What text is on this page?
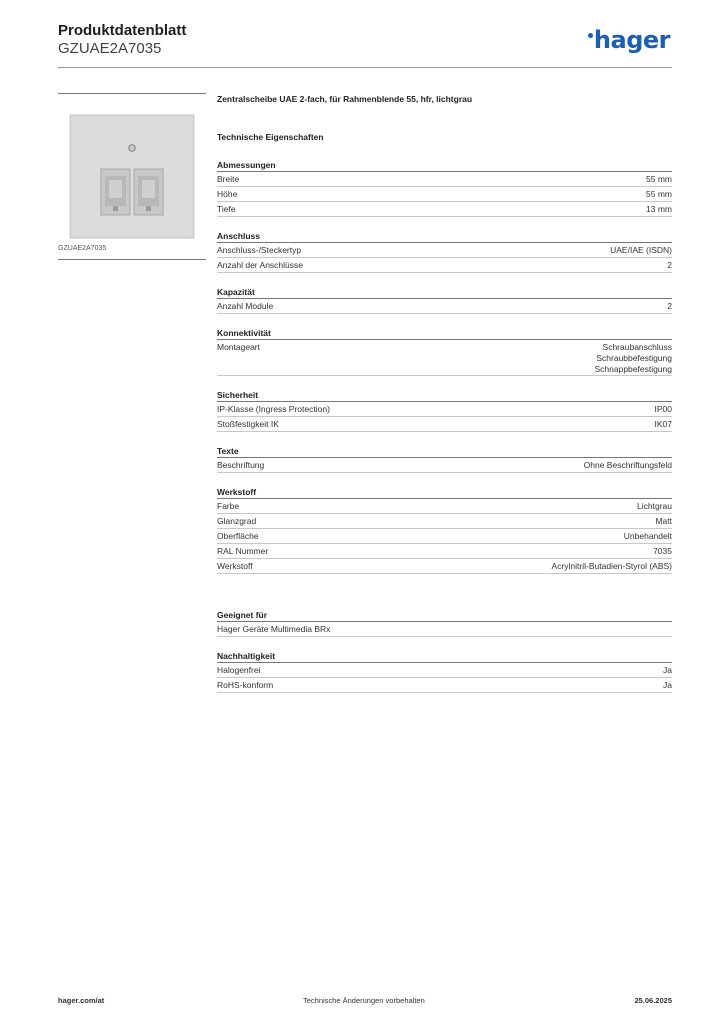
Produktdatenblatt
GZUAE2A7035	hager
GZUAE2A7035
Zentralscheibe UAE 2-fach, für Rahmenblende 55, hfr, lichtgrau
Technische Eigenschaften
Abmessungen
Breite	55 mm
Höhe	55 mm
Tiefe	13 mm
Anschluss
Anschluss-/Steckertyp	UAE/IAE (ISDN)
Anzahl der Anschlüsse	2
Kapazität
Anzahl Module	2
Konnektivität
Montageart	Schraubanschluss
Schraubbefestigung
Schnappbefestigung
Sicherheit
IP-Klasse (Ingress Protection)	IP00
Stoßfestigkeit IK	IK07
Texte
Beschriftung	Ohne Beschriftungsfeld
Werkstoff
Farbe	Lichtgrau
Glanzgrad	Matt
Oberfläche	Unbehandelt
RAL Nummer	7035
Werkstoff	Acrylnitril-Butadien-Styrol (ABS)
Geeignet für
Hager Geräte Multimedia BRx
Nachhaltigkeit
Halogenfrei	Ja
RoHS-konform	Ja
hager.com/at	Technische Änderungen vorbehalten	25.06.2025
